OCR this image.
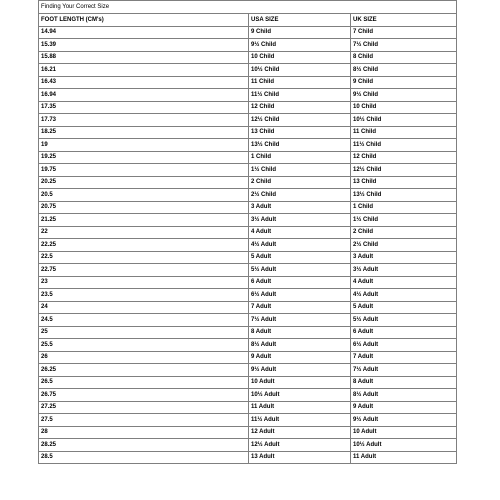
Finding Your Correct Size		
FOOT LENGTH (CM's)	USA SIZE	UK SIZE
14.94	9 Child	7 Child
15.39	9½ Child	7½ Child
15.88	10 Child	8 Child
16.21	10½ Child	8½ Child
16.43	11 Child	9 Child
16.94	11½ Child	9½ Child
17.35	12 Child	10 Child
17.73	12½ Child	10½ Child
18.25	13 Child	11 Child
19	13½ Child	11½ Child
19.25	1 Child	12 Child
19.75	1½ Child	12½ Child
20.25	2 Child	13 Child
20.5	2½ Child	13½ Child
20.75	3 Adult	1 Child
21.25	3½ Adult	1½ Child
22	4 Adult	2 Child
22.25	4½ Adult	2½ Child
22.5	5 Adult	3 Adult
22.75	5½ Adult	3½ Adult
23	6 Adult	4 Adult
23.5	6½ Adult	4½ Adult
24	7 Adult	5 Adult
24.5	7½ Adult	5½ Adult
25	8 Adult	6 Adult
25.5	8½ Adult	6½ Adult
26	9 Adult	7 Adult
26.25	9½ Adult	7½ Adult
26.5	10 Adult	8 Adult
26.75	10½ Adult	8½ Adult
27.25	11 Adult	9 Adult
27.5	11½ Adult	9½ Adult
28	12 Adult	10 Adult
28.25	12½ Adult	10½ Adult
28.5	13 Adult	11 Adult
